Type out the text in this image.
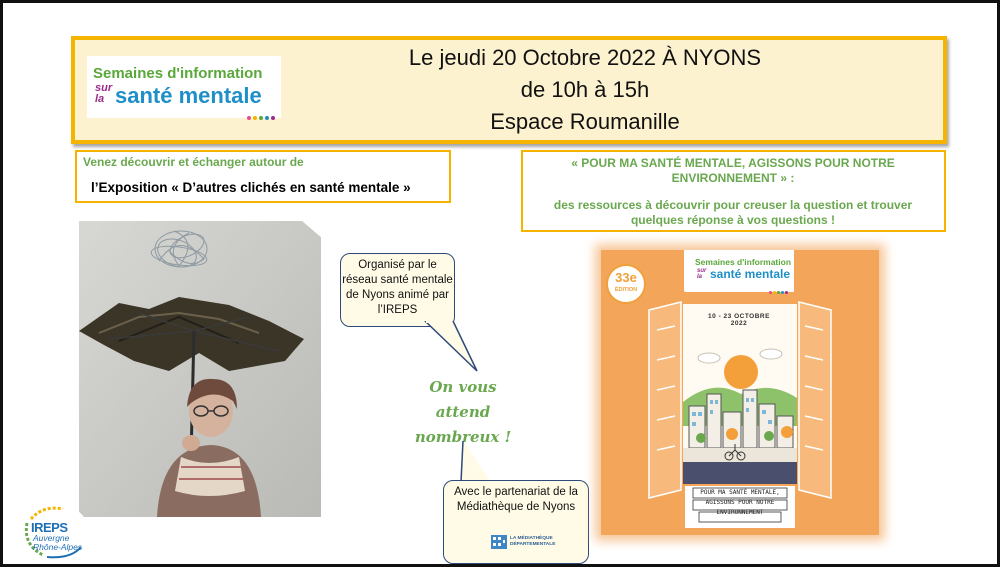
Semaines d'information
sur
la santé mentale
Le jeudi 20 Octobre 2022 À NYONS
de 10h à 15h
Espace Roumanille
Venez découvrir et échanger autour de
l’Exposition « D’autres clichés en santé mentale »
« POUR MA SANTÉ MENTALE, AGISSONS POUR NOTRE ENVIRONNEMENT » :
des ressources à découvrir pour creuser la question et trouver quelques réponse à vos questions !
Organisé par le réseau santé mentale de Nyons animé par l’IREPS
On vous
attend
nombreux !
Avec le partenariat de la Médiathèque de Nyons
LA MÉDIATHÈQUE DÉPARTEMENTALE
Semaines d'information
sur
la santé mentale
33e
ÉDITION
10 - 23 OCTOBRE 2022
POUR MA SANTÉ MENTALE,
AGISSONS POUR NOTRE
ENVIRONNEMENT
IREPS
Auvergne
Rhône-Alpes
